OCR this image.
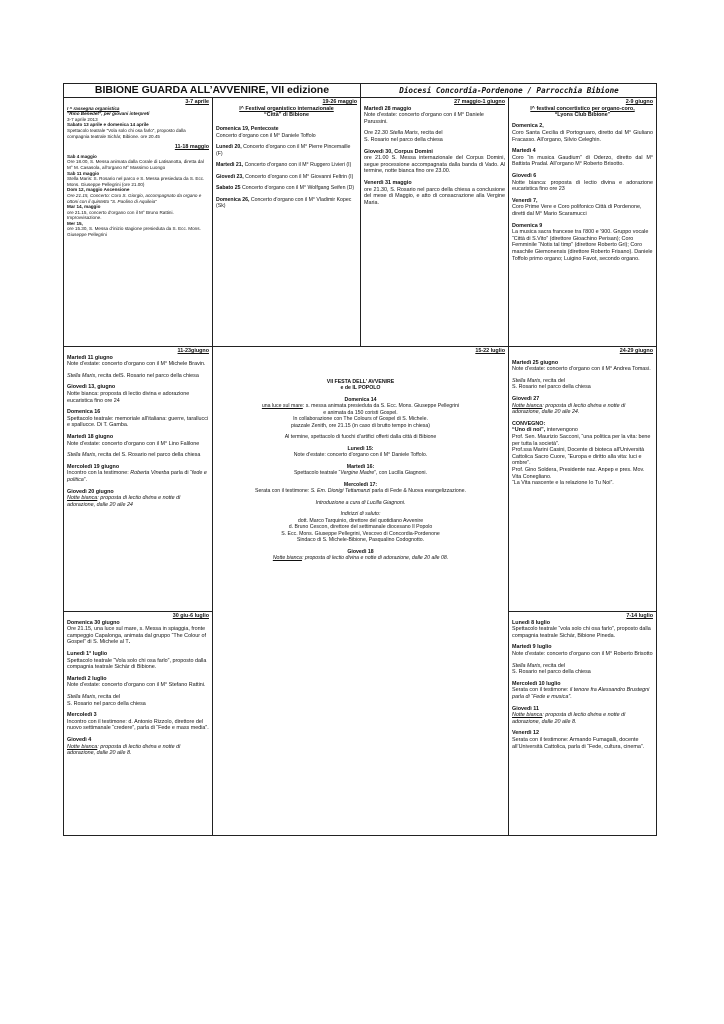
BIBIONE GUARDA ALL’AVVENIRE, VII edizione	Diocesi Concordia-Pordenone / Parrocchia Bibione
3-7 aprile

I ^ rassegna organistica

“Rino Benedet”, per giovani interpreti

3-7 aprile 2013

Sabato 13 aprile e domenica 14 aprile

Spettacolo teatrale “Vola solo chi osa farlo”, proposto dalla compagnia teatrale Sichàr, Bibione. ore 20.45

11-18 maggio

Sab 4 maggio

Ore 18.00, S. Messa animata dalla Corale di Latisanotta, diretta dal M° M. Casasola, all’organo M° Massimo Luongo

Sab 11 maggio

Stella Maris: S. Rosario nel parco e S. Messa presieduta da S. Ecc. Mons. Giuseppe Pellegrini (ore 21.00)

Dom 12, maggio Ascensione

Ore 21.15, Concerto: Coro S. Giorgio, accompagnato da organo e ottoni con il quintetto “S. Paolino di Aquileia”

Mar 14, maggio

ore 21.15, concerto d’organo con il M° Bruno Rattini. Improvvisazione.

Mer 15,

ore 15.30, S. Messa d’inizio stagione presieduta da S. Ecc. Mons. Giuseppe Pellegrini

19-26 maggio
I^ Festival organistico internazionale
“Città” di Bibione

Domenica 19, Pentecoste

Concerto d’organo con il M° Daniele Toffolo

Lunedì 20, Concerto d’organo con il M° Pierre Pincemaille (F)

Martedì 21, Concerto d’organo con il M° Ruggero Livieri (I)

Giovedì 23, Concerto d’organo con il M° Giovanni Feltrin (I)

Sabato 25 Concerto d’organo con il M° Wolfgang Seifen (D)

Domenica 26, Concerto d’organo con il M° Vladimir Kopec (Sk)

27 maggio-1 giugno

Martedì 28 maggio

Note d’estate: concerto d’organo con il M° Daniele Parussini.

Ore 22.30 Stella Maris, recita del

S. Rosario nel parco della chiesa

Giovedì 30, Corpus Domini

ore 21.00 S. Messa internazionale del Corpus Domini, segue processione accompagnata dalla banda di Vado. Al termine, notte bianca fino ore 23.00.

Venerdì 31 maggio

ore 21.30, S. Rosario nel parco della chiesa a conclusione del mese di Maggio, e atto di consacrazione alla Vergine Maria.

2-9 giugno
I^ festival concertistico per organo-coro,
“Lyons Club Bibione”

Domenica 2,

Coro Santa Cecilia di Portogruaro, diretto dal M° Giuliano Fracasso. All’organo, Silvio Celeghin.

Martedì 4

Coro “in musica Gaudium” di Oderzo, diretto dal M° Battista Pradal. All’organo M° Roberto Brisotto.

Giovedì 6

Notte bianca: proposta di lectio divina e adorazione eucaristica fino ore 23

Venerdì 7,

Coro Prime Vere e Coro polifonico Città di Pordenone, diretti dal M° Mario Scaramucci

Domenica 9

La musica sacra francese tra l’800 e ’900. Gruppo vocale “Città di S.Vito” (direttore Gioachino Perisan); Coro Femminile “Notis tal timp” (direttore Roberto Gri); Coro maschile Giemonensis (direttore Roberto Frisano). Daniele Toffolo primo organo; Luigino Favot, secondo organo.

11-23giugno

Martedì 11 giugno

Note d’estate: concerto d’organo con il M° Michele Bravin.

Stella Maris, recita delS. Rosario nel parco della chiesa

Giovedì 13, giugno

Notte bianca: proposta di lectio divina e adorazione eucaristica fino ore 24

Domenica 16

Spettacolo teatrale: memoriale all’italiana: guerre, tarallucci e spallucce. Di T. Gamba.

Martedì 18 giugno

Note d’estate: concerto d’organo con il M° Lino Falilone

Stella Maris, recita del S. Rosario nel parco della chiesa

Mercoledì 19 giugno

Incontro con la testimone: Roberta Vinerba parla di “fede e politica”.

Giovedì 20 giugno

Notte bianca: proposta di lectio divina e notte di adorazione, dalle 20 alle 24

15-22 luglio

VII FESTA DELL’ AVVENIRE

e de IL POPOLO

Domenica 14

una luce sul mare: s. messa animata presieduta da S. Ecc. Mons. Giuseppe Pellegrini

e animata da 150 coristi Gospel.

In collaborazione con The Colours of Gospel di S. Michele.

piazzale Zenith, ore 21.15 (in caso di brutto tempo in chiesa)

Al termine, spettacolo di fuochi d’artifici offerti dalla città di Bibione

Lunedì 15:

Note d’estate: concerto d’organo con il M° Daniele Toffolo.

Martedì 16:

Spettacolo teatrale “Vergine Madre”, con Lucilla Giagnoni.

Mercoledì 17:

Serata con il testimone: S. Em. Dionigi Tettamanzi parla di Fede & Nuova evangelizzazione.

Introduzione a cura di Lucilla Giagnoni.

Indirizzi di saluto:

dott. Marco Tarquinio, direttore del quotidiano Avvenire

d. Bruno Cescon, direttore del settimanale diocesano Il Popolo

S. Ecc. Mons. Giuseppe Pellegrini, Vescovo di Concordia-Pordenone

Sindaco di S. Michele-Bibione, Pasqualino Codognotto.

Giovedì 18

Notte bianca: proposta di lectio divina e notte di adorazione, dalle 20 alle 08.

24-29 giugno

Martedì 25 giugno

Note d’estate: concerto d’organo con il M° Andrea Tomasi.

Stella Maris, recita del

S. Rosario nel parco della chiesa

Giovedì 27

Notte bianca: proposta di lectio divina e notte di adorazione, dalle 20 alle 24.

CONVEGNO:

“Uno di noi”, intervengono

Prof. Sen. Maurizio Sacconi, “una politica per la vita: bene per tutta la società”.

Prof.ssa Marini Casini, Docente di bioteca all’Università Cattolica Sacro Cuore, “Europa e diritto alla vita: luci e ombre”.

Prof. Gino Soldera, Presidente naz. Anpep e pres. Mov. Vita Conegliano.

“La Vita nascente e la relazione Io Tu Noi”.

30 giu-6 luglio

Domenica 30 giugno

Ore 21.15, una luce sul mare, s. Messa in spiaggia, fronte campeggio Capalonga, animata dal gruppo “The Colour of Gospel” di S. Michele al T.

Lunedì 1° luglio

Spettacolo teatrale “Vola solo chi osa farlo”, proposto dalla compagnia teatrale Sichàr di Bibione.

Martedì 2 luglio

Note d’estate: concerto d’organo con il M° Stefano Rattini.

Stella Maris, recita del

S. Rosario nel parco della chiesa

Mercoledì 3

Incontro con il testimone: d. Antonio Rizzolo, direttore del nuovo settimanale “credere”, parla di “Fede e mass media”.

Giovedì 4

Notte bianca: proposta di lectio divina e notte di adorazione, dalle 20 alle 8.

7-14 luglio

Lunedì 8 luglio

Spettacolo teatrale “vola solo chi osa farlo”, proposto dalla compagnia teatrale Sichàr, Bibione Pineda.

Martedì 9 luglio

Note d’estate: concerto d’organo con il M° Roberto Brisotto

Stella Maris, recita del

S. Rosario nel parco della chiesa

Mercoledì 10 luglio

Serata con il testimone: il tenore fra Alessandro Brustegni parla di “Fede e musica”.

Giovedì 11

Notte bianca: proposta di lectio divina e notte di adorazione, dalle 20 alle 8.

Venerdì 12

Serata con il testimone: Armando Fumagalli, docente all’Università Cattolica, parla di “Fede, cultura, cinema”.
